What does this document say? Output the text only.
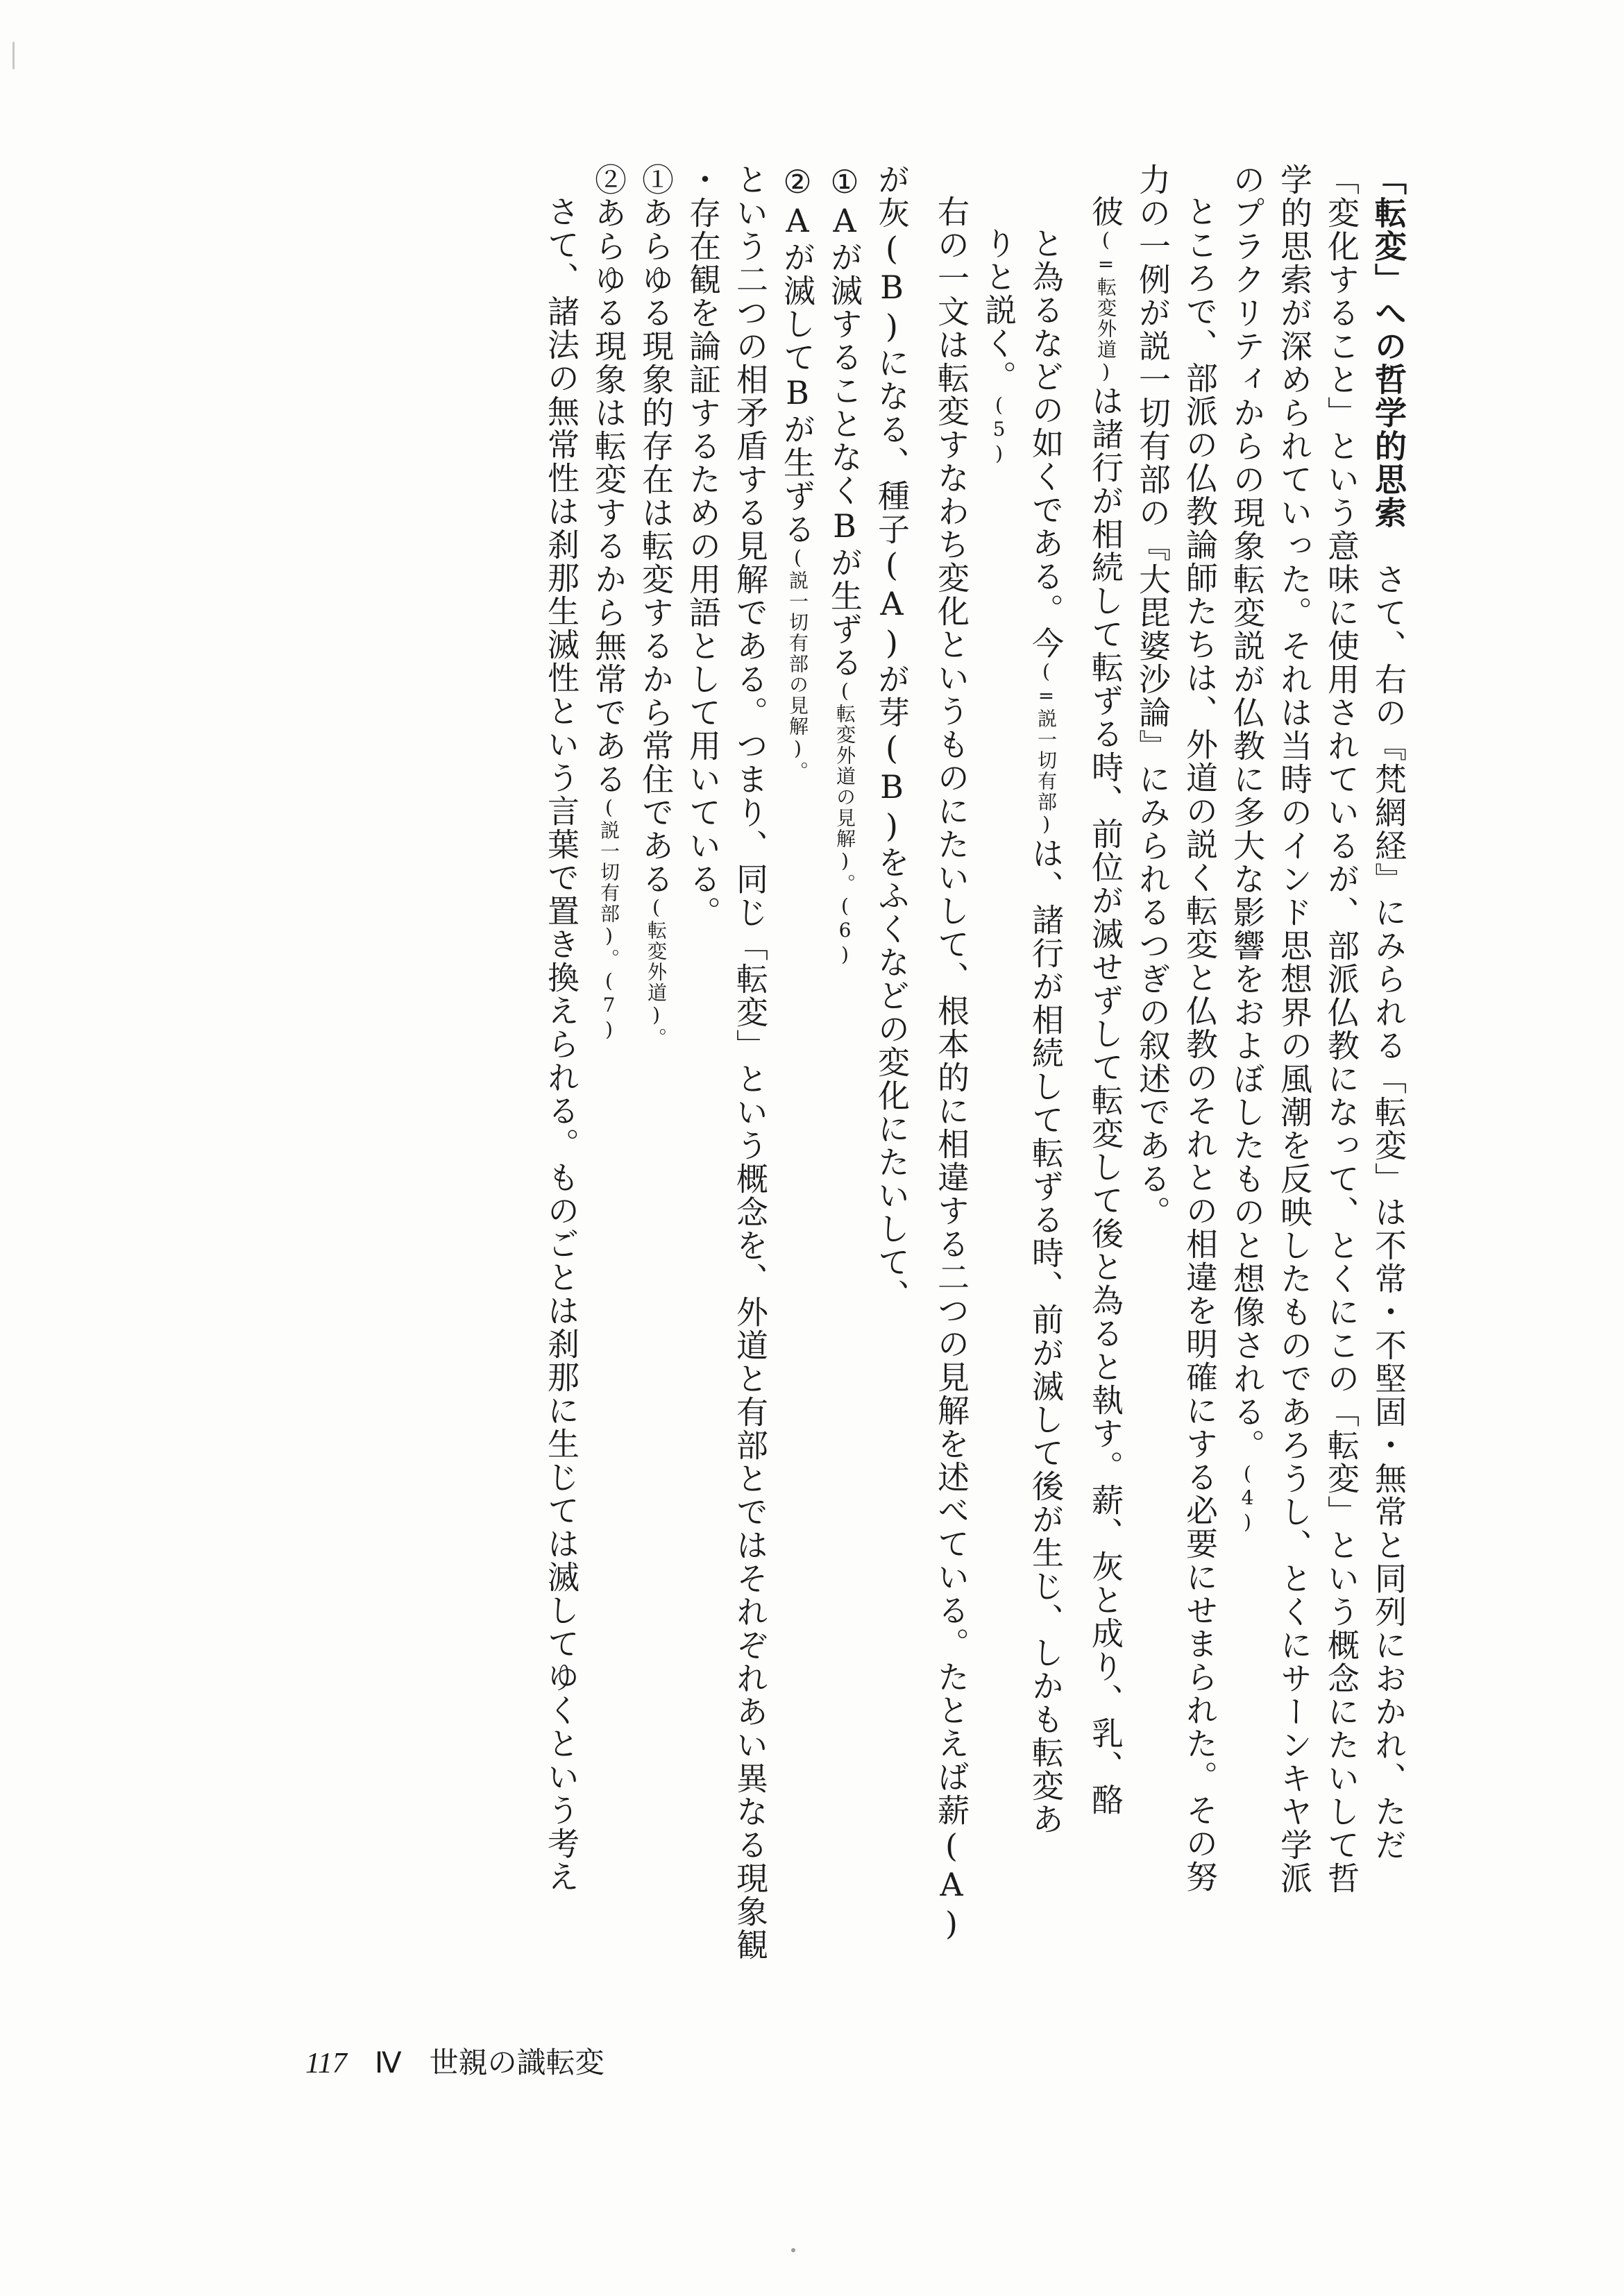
「転変」への哲学的思索　さて、右の『梵網経』にみられる「転変」は不常・不堅固・無常と同列におかれ、ただ
「変化すること」という意味に使用されているが、部派仏教になって、とくにこの「転変」という概念にたいして哲
学的思索が深められていった。それは当時のインド思想界の風潮を反映したものであろうし、とくにサーンキヤ学派
のプラクリティからの現象転変説が仏教に多大な影響をおよぼしたものと想像される。(4)
ところで、部派の仏教論師たちは、外道の説く転変と仏教のそれとの相違を明確にする必要にせまられた。その努
力の一例が説一切有部の『大毘婆沙論』にみられるつぎの叙述である。
彼(=転変外道)は諸行が相続して転ずる時、前位が滅せずして転変して後と為ると執す。薪、灰と成り、乳、酪
と為るなどの如くである。今(=説一切有部)は、諸行が相続して転ずる時、前が滅して後が生じ、しかも転変あ
りと説く。(5)
右の一文は転変すなわち変化というものにたいして、根本的に相違する二つの見解を述べている。たとえば薪(A)
が灰(B)になる、種子(A)が芽(B)をふくなどの変化にたいして、
①Aが滅することなくBが生ずる(転変外道の見解)。(6)
②Aが滅してBが生ずる(説一切有部の見解)。
という二つの相矛盾する見解である。つまり、同じ「転変」という概念を、外道と有部とではそれぞれあい異なる現象観
・存在観を論証するための用語として用いている。
①あらゆる現象的存在は転変するから常住である(転変外道)。
②あらゆる現象は転変するから無常である(説一切有部)。(7)
さて、諸法の無常性は刹那生滅性という言葉で置き換えられる。ものごとは刹那に生じては滅してゆくという考え
117 Ⅳ 世親の識転変
